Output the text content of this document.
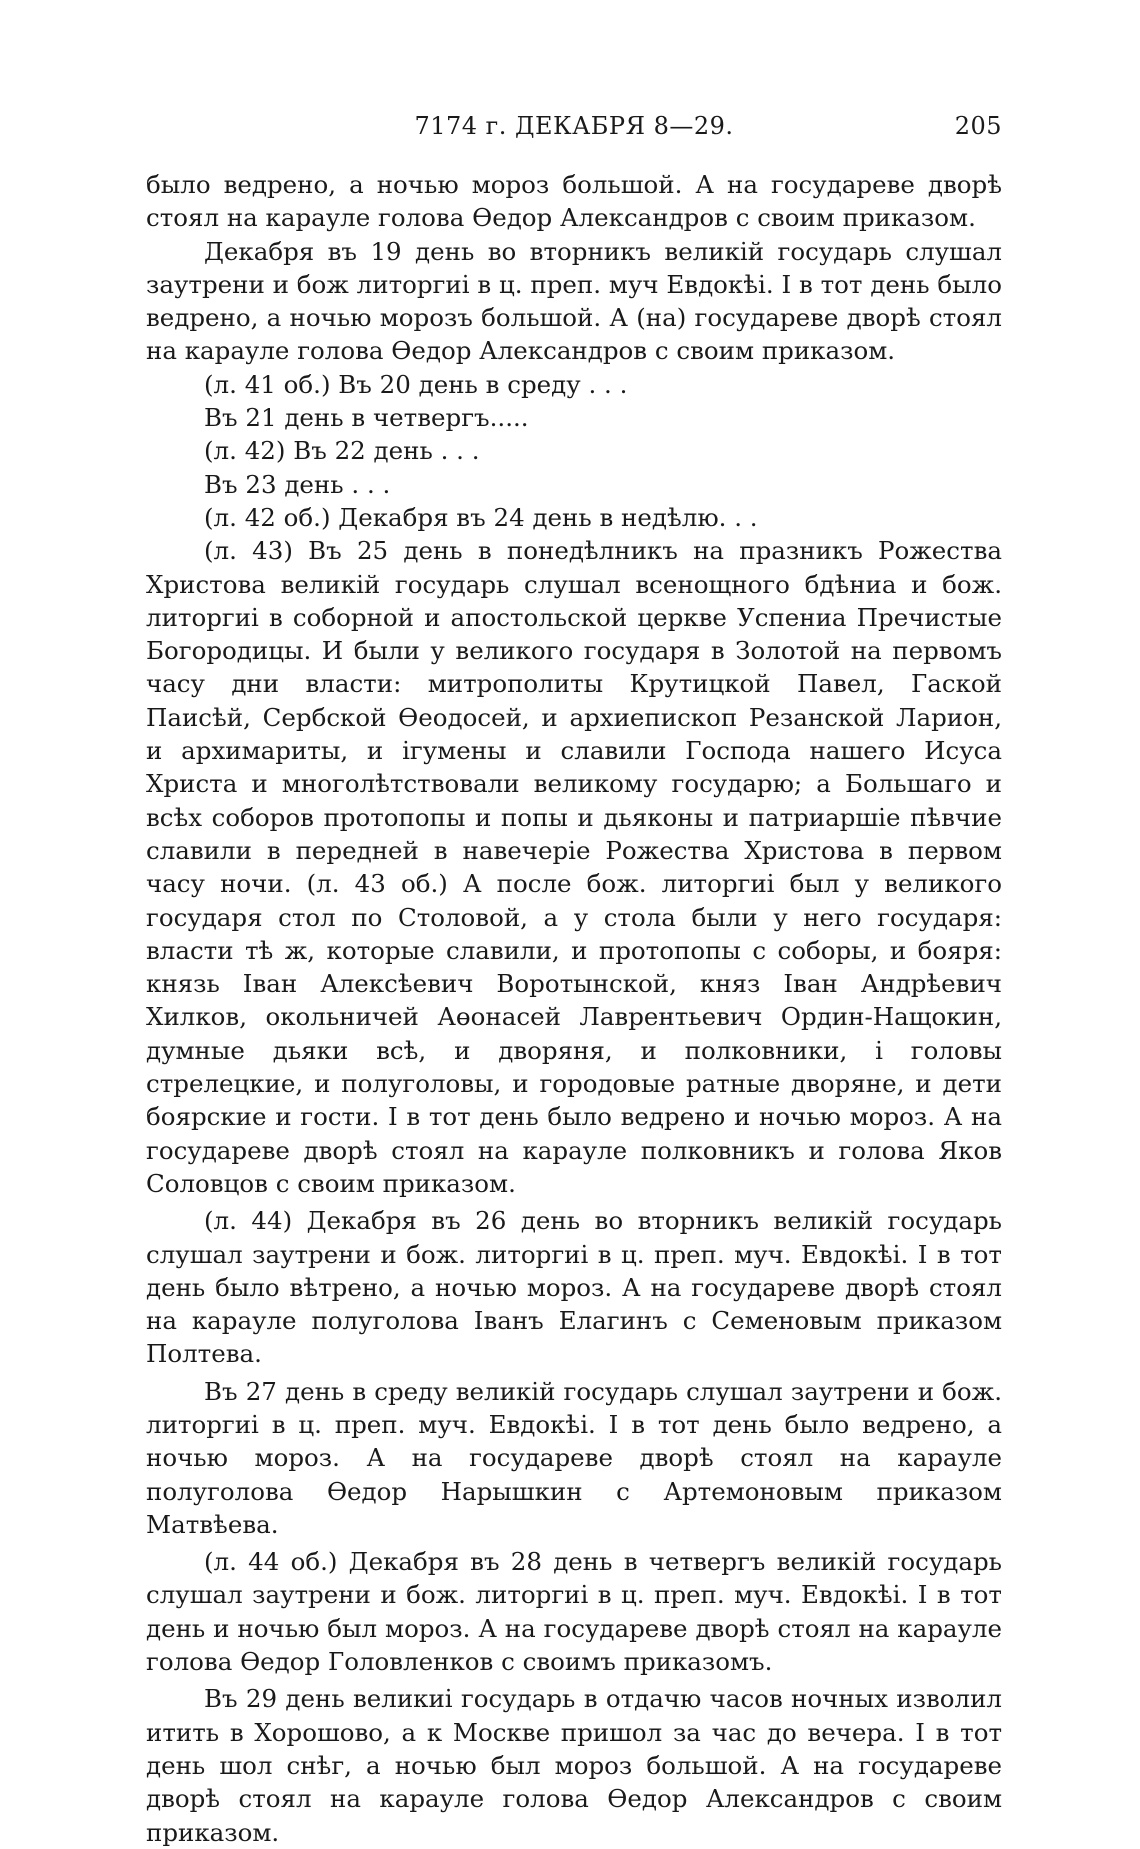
7174 г. ДЕКАБРЯ 8—29.	205

было ведрено, а ночью мороз большой. А на государеве дворѣ стоял на карауле голова Өедор Александров с своим приказом.

Декабря въ 19 день во вторникъ великій государь слушал заутрени и бож литоргиі в ц. преп. муч Евдокѣі. І в тот день было ведрено, а ночью морозъ большой. А (на) государеве дворѣ стоял на карауле голова Өедор Александров с своим приказом.

(л. 41 об.) Въ 20 день в среду . . .

Въ 21 день в четвергъ.....

(л. 42) Въ 22 день . . .

Въ 23 день . . .

(л. 42 об.) Декабря въ 24 день в недѣлю. . .

(л. 43) Въ 25 день в понедѣлникъ на празникъ Рожества Христова великій государь слушал всенощного бдѣниа и бож. литоргиі в соборной и апостольской церкве Успениа Пречистые Богородицы. И были у великого государя в Золотой на первомъ часу дни власти: митрополиты Крутицкой Павел, Гаской Паисѣй, Сербской Өеодосей, и архиепископ Резанской Ларион, и архимариты, и ігумены и славили Господа нашего Исуса Христа и многолѣтствовали великому государю; а Большаго и всѣх соборов протопопы и попы и дьяконы и патриаршіе пѣвчие славили в передней в навечеріе Рожества Христова в первом часу ночи. (л. 43 об.) А после бож. литоргиі был у великого государя стол по Столовой, а у стола были у него государя: власти тѣ ж, которые славили, и протопопы с соборы, и бояря: князь Іван Алексѣевич Воротынской, княз Іван Андрѣевич Хилков, окольничей Аөонасей Лаврентьевич Ордин-Нащокин, думные дьяки всѣ, и дворяня, и полковники, і головы стрелецкие, и полуголовы, и городовые ратные дворяне, и дети боярские и гости. І в тот день было ведрено и ночью мороз. А на государеве дворѣ стоял на карауле полковникъ и голова Яков Соловцов с своим приказом.

(л. 44) Декабря въ 26 день во вторникъ великій государь слушал заутрени и бож. литоргиі в ц. преп. муч. Евдокѣі. І в тот день было вѣтрено, а ночью мороз. А на государеве дворѣ стоял на карауле полуголова Іванъ Елагинъ с Семеновым приказом Полтева.

Въ 27 день в среду великій государь слушал заутрени и бож. литоргиі в ц. преп. муч. Евдокѣі. І в тот день было ведрено, а ночью мороз. А на государеве дворѣ стоял на карауле полуголова Өедор Нарышкин с Артемоновым приказом Матвѣева.

(л. 44 об.) Декабря въ 28 день в четвергъ великій государь слушал заутрени и бож. литоргиі в ц. преп. муч. Евдокѣі. І в тот день и ночью был мороз. А на государеве дворѣ стоял на карауле голова Өедор Головленков с своимъ приказомъ.

Въ 29 день великиі государь в отдачю часов ночных изволил итить в Хорошово, а к Москве пришол за час до вечера. І в тот день шол снѣг, а ночью был мороз большой. А на государеве дворѣ стоял на карауле голова Өедор Александров с своим приказом.
